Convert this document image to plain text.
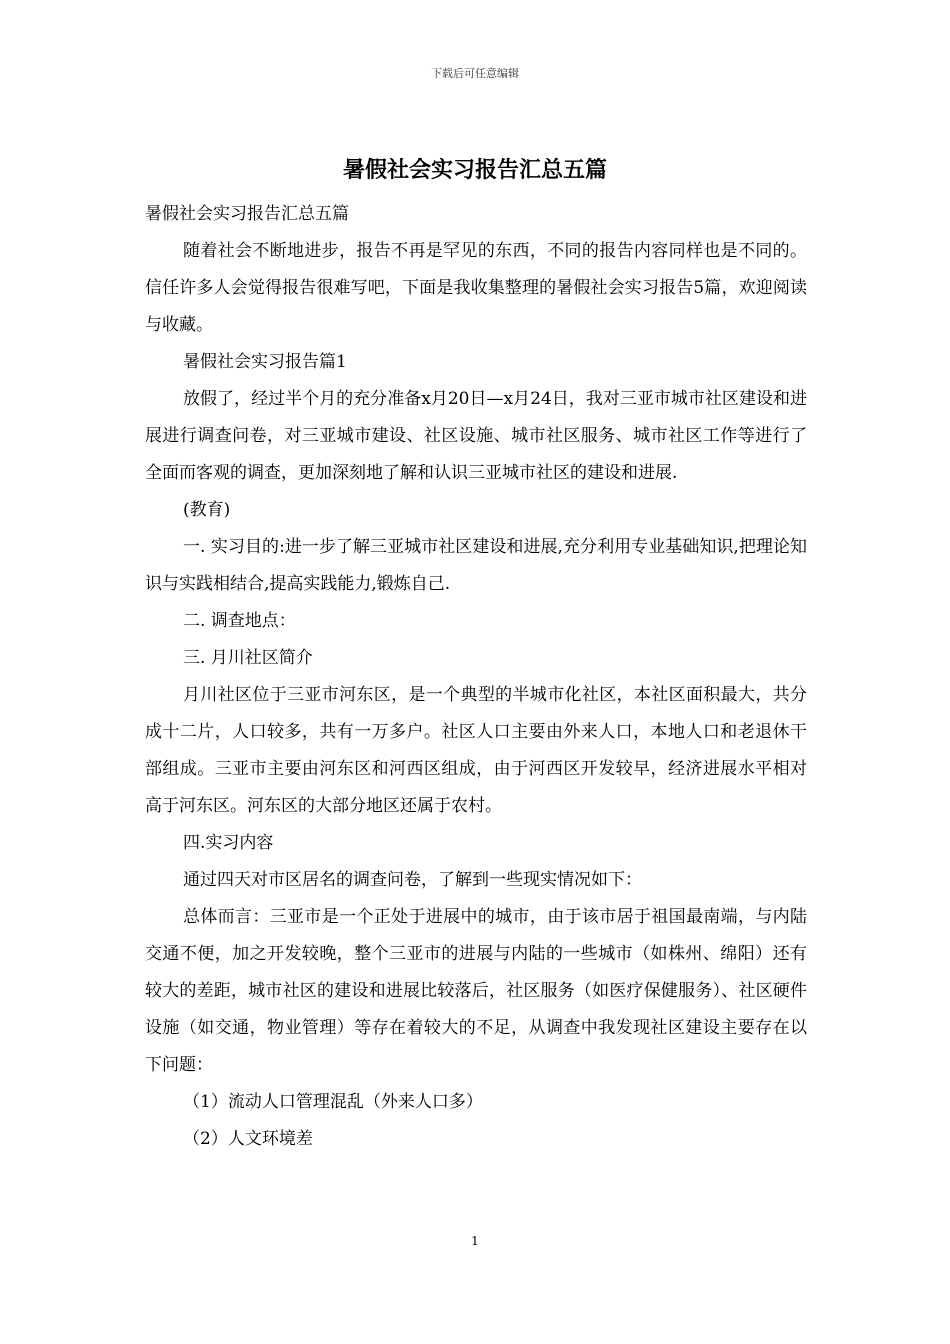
下载后可任意编辑
暑假社会实习报告汇总五篇

暑假社会实习报告汇总五篇

随着社会不断地进步，报告不再是罕见的东西，不同的报告内容同样也是不同的。信任许多人会觉得报告很难写吧，下面是我收集整理的暑假社会实习报告5篇，欢迎阅读与收藏。

暑假社会实习报告篇1

放假了，经过半个月的充分准备x月20日—x月24日，我对三亚市城市社区建设和进展进行调查问卷，对三亚城市建设、社区设施、城市社区服务、城市社区工作等进行了全面而客观的调查，更加深刻地了解和认识三亚城市社区的建设和进展.

(教育)

一. 实习目的:进一步了解三亚城市社区建设和进展,充分利用专业基础知识,把理论知识与实践相结合,提高实践能力,锻炼自己.

二. 调查地点：

三. 月川社区简介

月川社区位于三亚市河东区，是一个典型的半城市化社区，本社区面积最大，共分成十二片，人口较多，共有一万多户。社区人口主要由外来人口，本地人口和老退休干部组成。三亚市主要由河东区和河西区组成，由于河西区开发较早，经济进展水平相对高于河东区。河东区的大部分地区还属于农村。

四.实习内容

通过四天对市区居名的调查问卷，了解到一些现实情况如下：

总体而言：三亚市是一个正处于进展中的城市，由于该市居于祖国最南端，与内陆交通不便，加之开发较晚，整个三亚市的进展与内陆的一些城市（如株州、绵阳）还有较大的差距，城市社区的建设和进展比较落后，社区服务（如医疗保健服务）、社区硬件设施（如交通，物业管理）等存在着较大的不足，从调查中我发现社区建设主要存在以下问题：

（1）流动人口管理混乱（外来人口多）

（2）人文环境差

1
